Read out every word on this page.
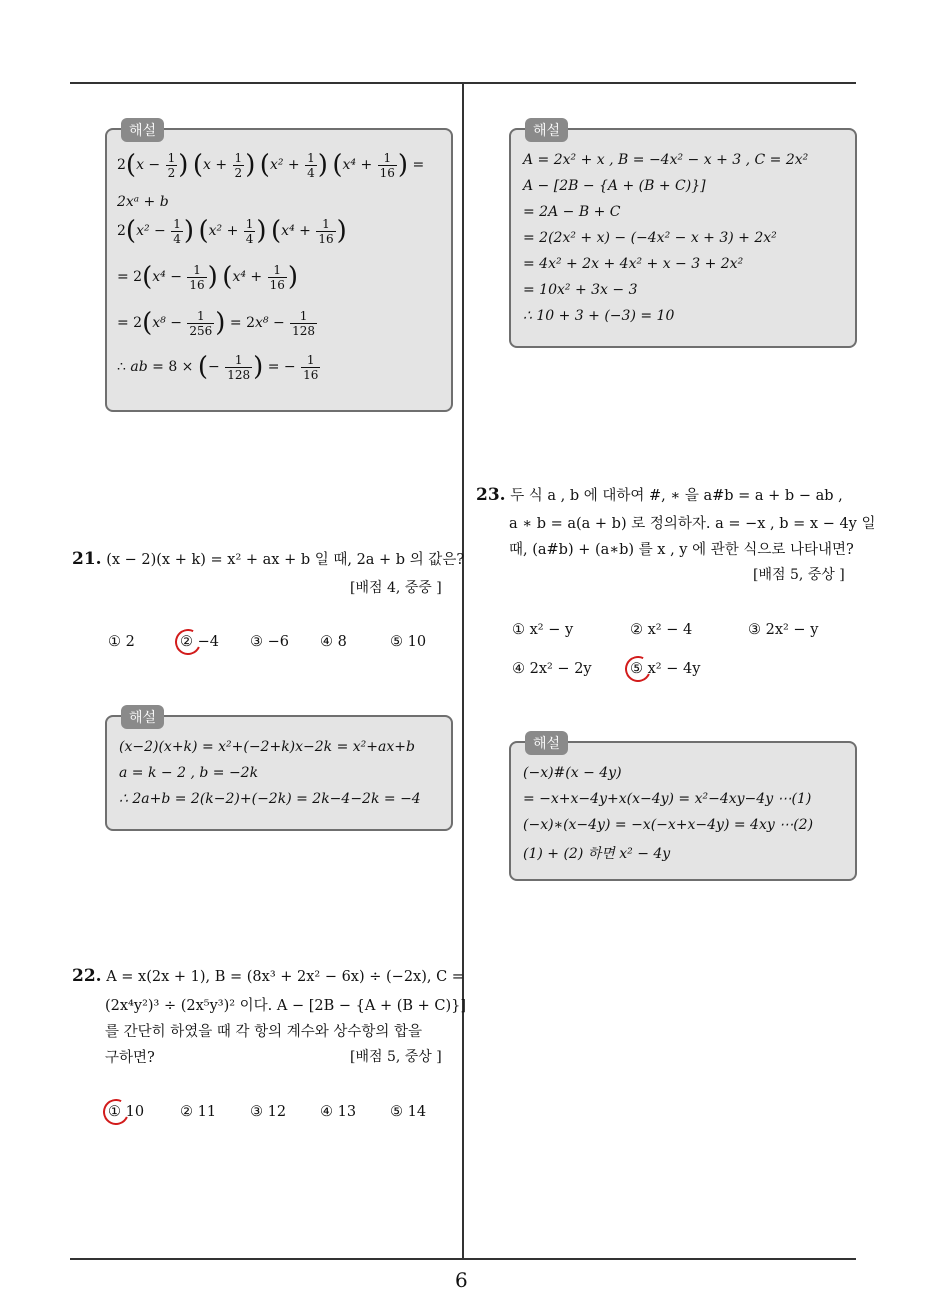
6
해설
$2(x - \frac{1}{2}$ ) ($x + \frac{1}{2}$ ) ($x^2 + \frac{1}{4}$ ) ($x^4 + \frac{1}{16}$ ) =
2xᵃ + b
$2(x^2 - \frac{1}{4}$ ) ($x^2 + \frac{1}{4}$ ) ($x^4 + \frac{1}{16}$ )
= $2(x^4 - \frac{1}{16}$ ) ($x^4 + \frac{1}{16}$ )
= $2(x^8 - \frac{1}{256}$ ) = $2x^8 - \frac{1}{128}$
∴ ab = 8 × (− $\frac{1}{128}$ ) = − $\frac{1}{16}$
21. (x − 2)(x + k) = x² + ax + b 일 때, 2a + b 의 값은?
[배점 4, 중중 ]
① 2	② −4 ③ −6 ④ 8	⑤ 10
해설
(x−2)(x+k) = x²+(−2+k)x−2k = x²+ax+b
a = k − 2 , b = −2k
∴ 2a+b = 2(k−2)+(−2k) = 2k−4−2k = −4
22. A = x(2x + 1), B = (8x³ + 2x² − 6x) ÷ (−2x), C =
(2x⁴y²)³ ÷ (2x⁵y³)² 이다. A − [2B − {A + (B + C)}]
를 간단히 하였을 때 각 항의 계수와 상수항의 합을
구하면?	[배점 5, 중상 ]
① 10 ② 11 ③ 12 ④ 13 ⑤ 14
해설
A = 2x² + x , B = −4x² − x + 3 , C = 2x²
A − [2B − {A + (B + C)}]
= 2A − B + C
= 2(2x² + x) − (−4x² − x + 3) + 2x²
= 4x² + 2x + 4x² + x − 3 + 2x²
= 10x² + 3x − 3
∴ 10 + 3 + (−3) = 10
23. 두 식 a , b 에 대하여 #, ∗ 을 a#b = a + b − ab ,
a ∗ b = a(a + b) 로 정의하자. a = −x , b = x − 4y 일
때, (a#b) + (a∗b) 를 x , y 에 관한 식으로 나타내면?
[배점 5, 중상 ]
① x² − y	② x² − 4	③ 2x² − y
④ 2x² − 2y	⑤ x² − 4y
해설
(−x)#(x − 4y)
= −x+x−4y+x(x−4y) = x²−4xy−4y ⋯(1)
(−x)∗(x−4y) = −x(−x+x−4y) = 4xy ⋯(2)
(1) + (2) 하면 x² − 4y
